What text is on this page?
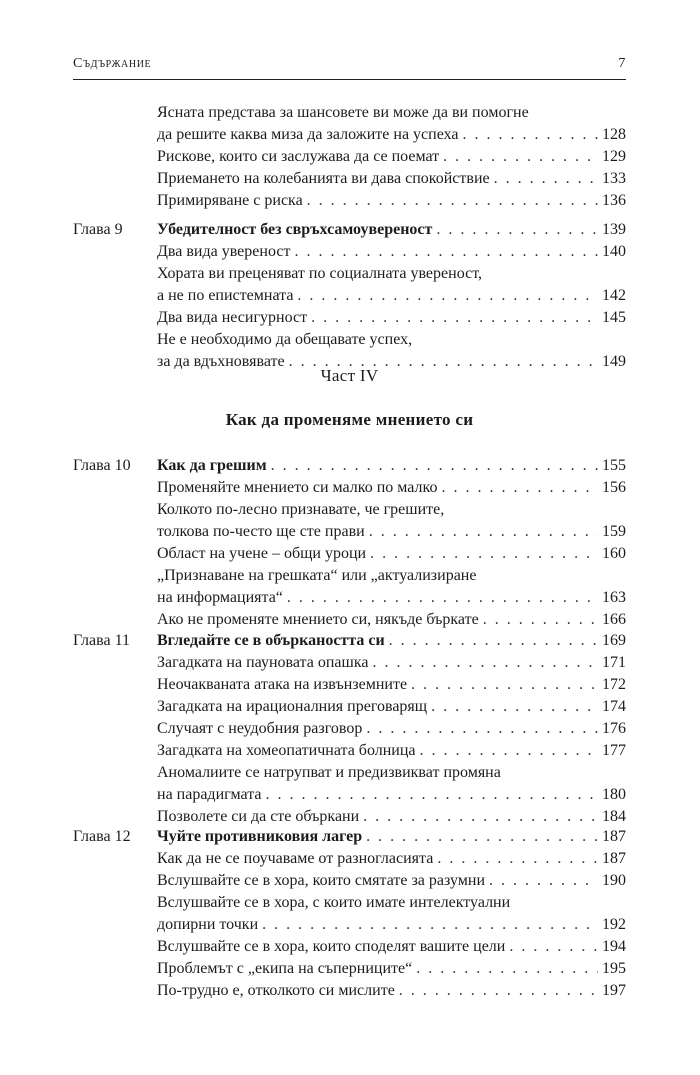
Съдържание	7
Част IV
Как да променяме мнението си
Ясната представа за шансовете ви може да ви помогне
да решите каква миза да заложите на успеха . . .	128
Рискове, които си заслужава да се поемат . . .	129
Приемането на колебанията ви дава спокойствие . . .	133
Примиряване с риска . . .	136
Глава 9 Убедителност без свръхсамоувереност . . .	139
Два вида увереност . . .	140
Хората ви преценяват по социалната увереност,
а не по епистемната . . .	142
Два вида несигурност . . .	145
Не е необходимо да обещавате успех,
за да вдъхновявате . . .	149
Глава 10 Как да грешим . . .	155
Променяйте мнението си малко по малко . . .	156
Колкото по-лесно признавате, че грешите,
толкова по-често ще сте прави . . .	159
Област на учене – общи уроци . . .	160
„Признаване на грешката“ или „актуализиране
на информацията“ . . .	163
Ако не променяте мнението си, някъде бъркате . . .	166
Глава 11 Вгледайте се в объркаността си . . .	169
Загадката на пауновата опашка . . .	171
Неочакваната атака на извънземните . . .	172
Загадката на ирационалния преговарящ . . .	174
Случаят с неудобния разговор . . .	176
Загадката на хомеопатичната болница . . .	177
Аномалиите се натрупват и предизвикват промяна
на парадигмата . . .	180
Позволете си да сте объркани . . .	184
Глава 12 Чуйте противниковия лагер . . .	187
Как да не се поучаваме от разногласията . . .	187
Вслушвайте се в хора, които смятате за разумни . . .	190
Вслушвайте се в хора, с които имате интелектуални
допирни точки . . .	192
Вслушвайте се в хора, които споделят вашите цели . . .	194
Проблемът с „екипа на съперниците“ . . .	195
По-трудно е, отколкото си мислите . . .	197
